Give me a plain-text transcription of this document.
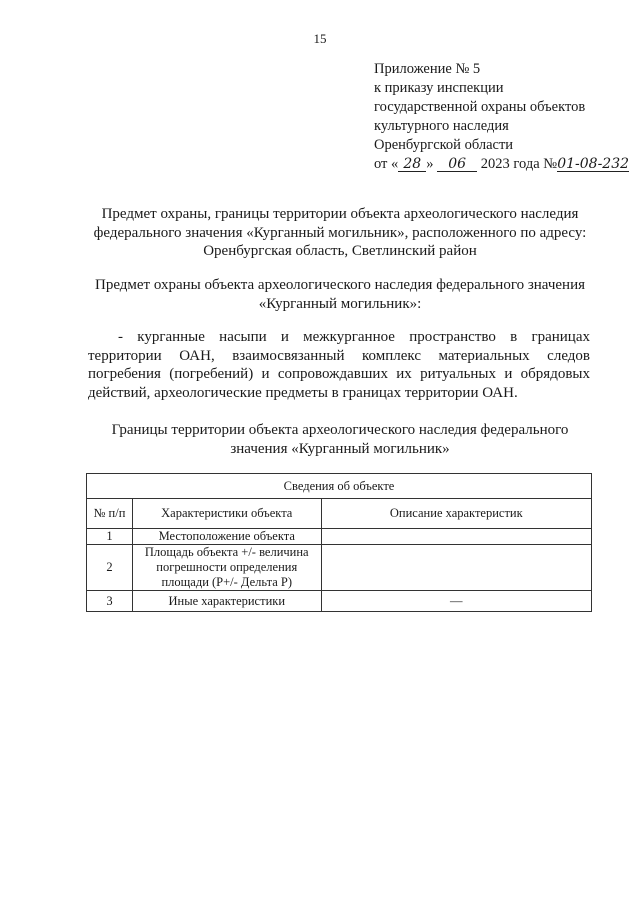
15
Приложение № 5
к приказу инспекции
государственной охраны объектов
культурного наследия
Оренбургской области
от « 28 » 06 2023 года №01-08-232
Предмет охраны, границы территории объекта археологического наследия
федерального значения «Курганный могильник», расположенного по адресу:
Оренбургская область, Светлинский район
Предмет охраны объекта археологического наследия федерального значения
«Курганный могильник»:
- курганные насыпи и межкурганное пространство в границах территории ОАН, взаимосвязанный комплекс материальных следов погребения (погребений) и сопровождавших их ритуальных и обрядовых действий, археологические предметы в границах территории ОАН.
Границы территории объекта археологического наследия федерального
значения «Курганный могильник»
Сведения об объекте		
№ п/п	Характеристики объекта	Описание характеристик
1	Местоположение объекта	
2	Площадь объекта +/- величина погрешности определения площади (Р+/- Дельта Р)	
3	Иные характеристики	—
